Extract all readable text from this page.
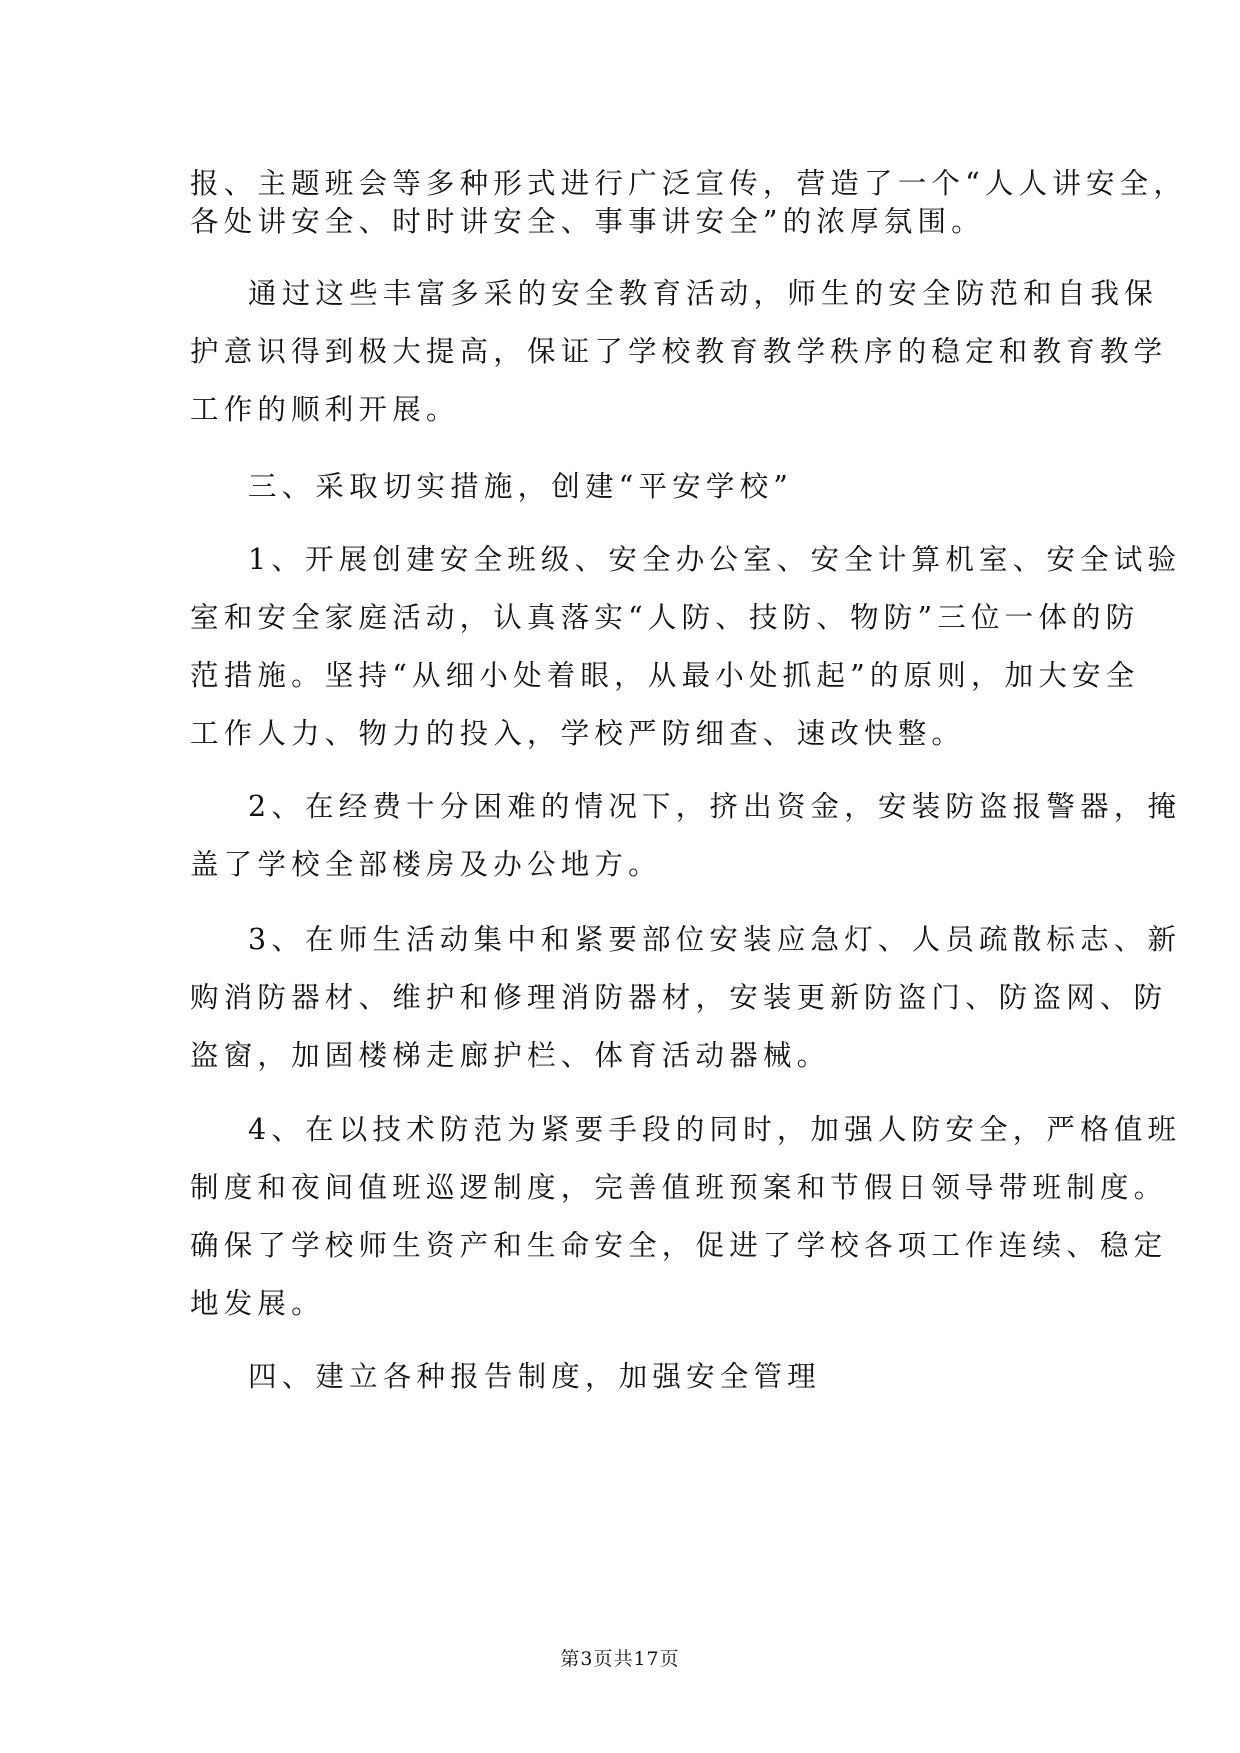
报、主题班会等多种形式进行广泛宣传，营造了一个“人人讲安全，
各处讲安全、时时讲安全、事事讲安全”的浓厚氛围。
通过这些丰富多采的安全教育活动，师生的安全防范和自我保
护意识得到极大提高，保证了学校教育教学秩序的稳定和教育教学
工作的顺利开展。
三、采取切实措施，创建“平安学校”
1、开展创建安全班级、安全办公室、安全计算机室、安全试验
室和安全家庭活动，认真落实“人防、技防、物防”三位一体的防
范措施。坚持“从细小处着眼，从最小处抓起”的原则，加大安全
工作人力、物力的投入，学校严防细查、速改快整。
2、在经费十分困难的情况下，挤出资金，安装防盗报警器，掩
盖了学校全部楼房及办公地方。
3、在师生活动集中和紧要部位安装应急灯、人员疏散标志、新
购消防器材、维护和修理消防器材，安装更新防盗门、防盗网、防
盗窗，加固楼梯走廊护栏、体育活动器械。
4、在以技术防范为紧要手段的同时，加强人防安全，严格值班
制度和夜间值班巡逻制度，完善值班预案和节假日领导带班制度。
确保了学校师生资产和生命安全，促进了学校各项工作连续、稳定
地发展。
四、建立各种报告制度，加强安全管理
第3页共17页
